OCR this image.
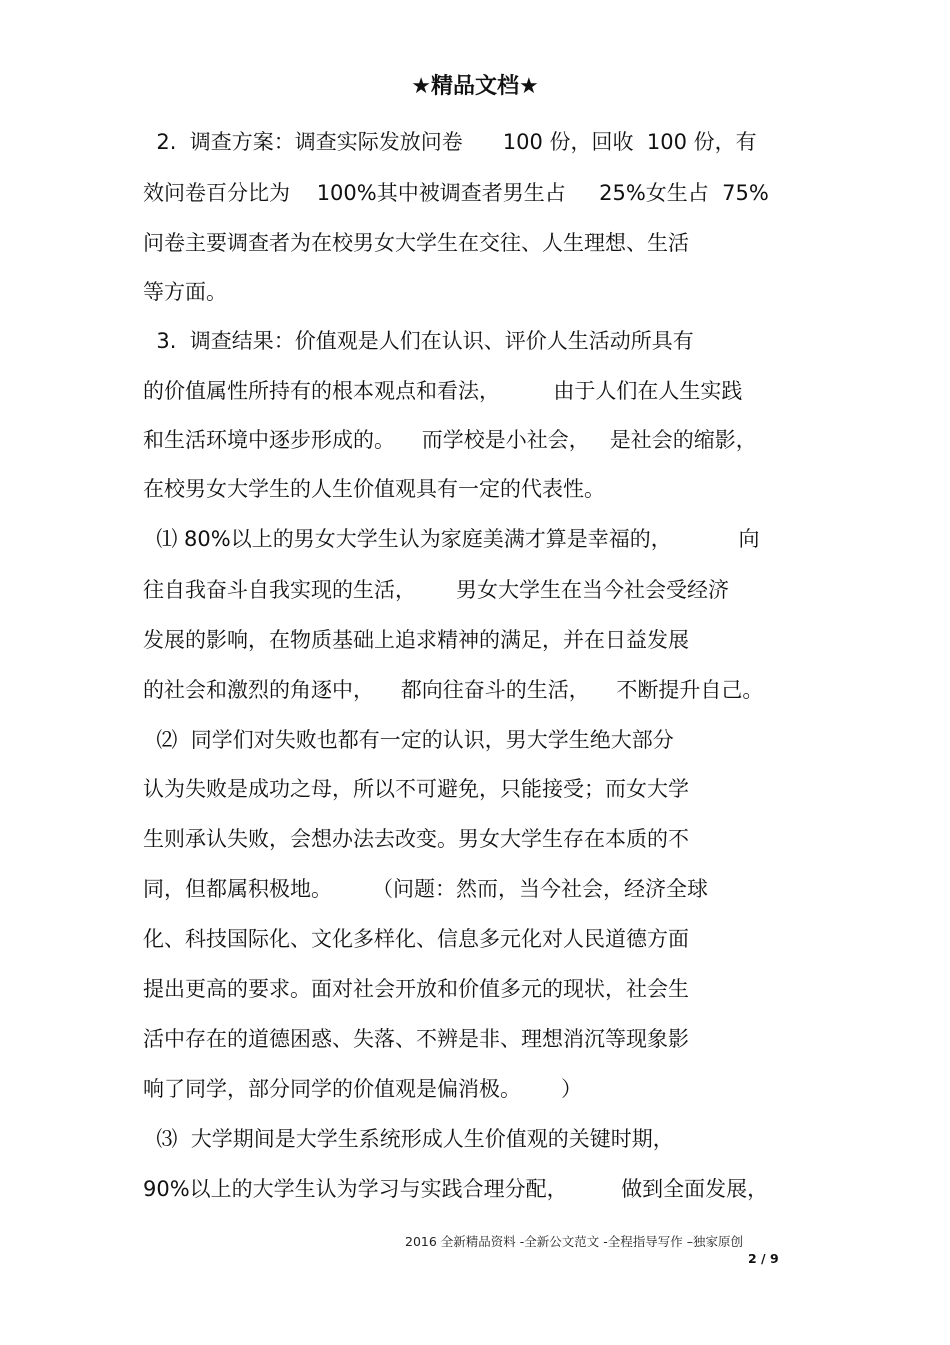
★精品文档★
2.  调查方案：调查实际发放问卷      100 份，回收  100 份，有
效问卷百分比为    100%其中被调查者男生占     25%女生占  75%
问卷主要调查者为在校男女大学生在交往、人生理想、生活
等方面。
3.  调查结果：价值观是人们在认识、评价人生活动所具有
的价值属性所持有的根本观点和看法，        由于人们在人生实践
和生活环境中逐步形成的。    而学校是小社会，   是社会的缩影，
在校男女大学生的人生价值观具有一定的代表性。
⑴ 80%以上的男女大学生认为家庭美满才算是幸福的，          向
往自我奋斗自我实现的生活，      男女大学生在当今社会受经济
发展的影响，在物质基础上追求精神的满足，并在日益发展
的社会和激烈的角逐中，    都向往奋斗的生活，    不断提升自己。
⑵  同学们对失败也都有一定的认识，男大学生绝大部分
认为失败是成功之母，所以不可避免，只能接受；而女大学
生则承认失败，会想办法去改变。男女大学生存在本质的不
同，但都属积极地。      （问题：然而，当今社会，经济全球
化、科技国际化、文化多样化、信息多元化对人民道德方面
提出更高的要求。面对社会开放和价值多元的现状，社会生
活中存在的道德困惑、失落、不辨是非、理想消沉等现象影
响了同学，部分同学的价值观是偏消极。      ）
⑶  大学期间是大学生系统形成人生价值观的关键时期，
90%以上的大学生认为学习与实践合理分配，        做到全面发展，
2016 全新精品资料 -全新公文范文 -全程指导写作 –独家原创
2 / 9
